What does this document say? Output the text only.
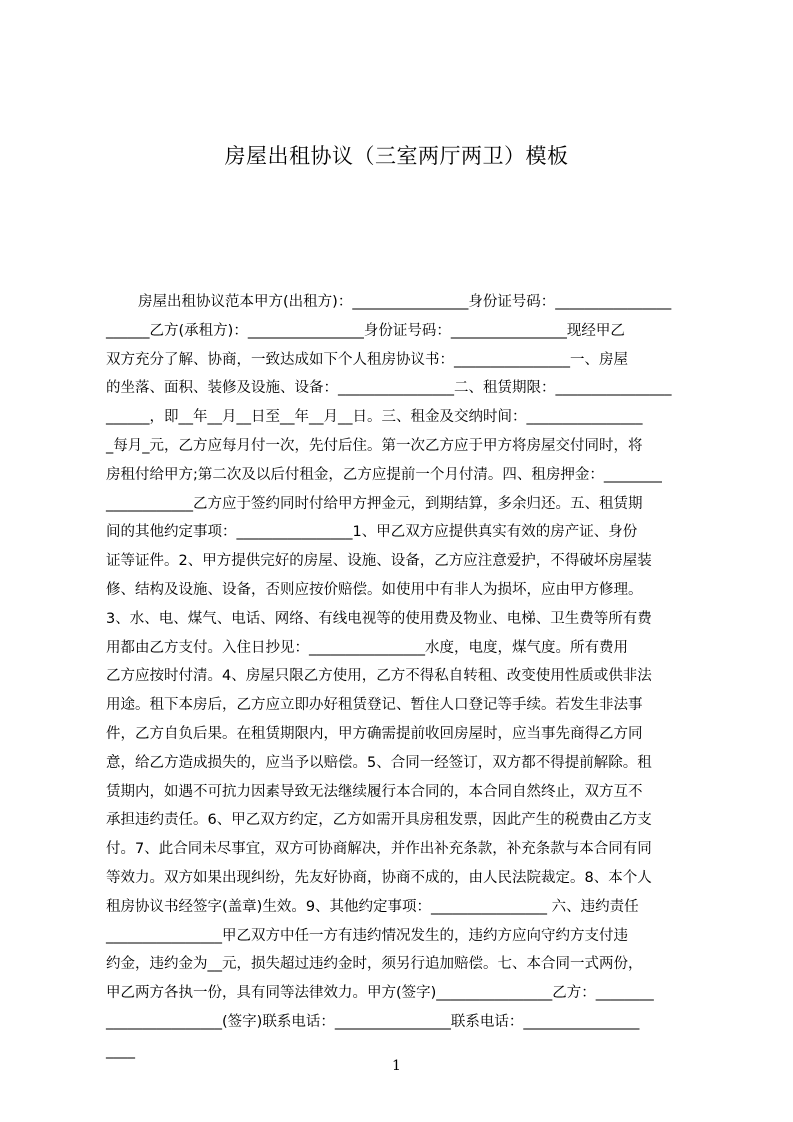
房屋出租协议（三室两厅两卫）模板
房屋出租协议范本甲方(出租方)：________________身份证号码：________________
______乙方(承租方)：________________身份证号码：________________现经甲乙
双方充分了解、协商，一致达成如下个人租房协议书：________________一、房屋
的坐落、面积、装修及设施、设备：________________二、租赁期限：________________
______，即__年__月__日至__年__月__日。三、租金及交纳时间：________________
_每月_元，乙方应每月付一次，先付后住。第一次乙方应于甲方将房屋交付同时，将
房租付给甲方;第二次及以后付租金，乙方应提前一个月付清。四、租房押金：________
____________乙方应于签约同时付给甲方押金元，到期结算，多余归还。五、租赁期
间的其他约定事项：________________1、甲乙双方应提供真实有效的房产证、身份
证等证件。2、甲方提供完好的房屋、设施、设备，乙方应注意爱护，不得破坏房屋装
修、结构及设施、设备，否则应按价赔偿。如使用中有非人为损坏，应由甲方修理。
3、水、电、煤气、电话、网络、有线电视等的使用费及物业、电梯、卫生费等所有费
用都由乙方支付。入住日抄见：________________水度，电度，煤气度。所有费用
乙方应按时付清。4、房屋只限乙方使用，乙方不得私自转租、改变使用性质或供非法
用途。租下本房后，乙方应立即办好租赁登记、暂住人口登记等手续。若发生非法事
件，乙方自负后果。在租赁期限内，甲方确需提前收回房屋时，应当事先商得乙方同
意，给乙方造成损失的，应当予以赔偿。5、合同一经签订，双方都不得提前解除。租
赁期内，如遇不可抗力因素导致无法继续履行本合同的，本合同自然终止，双方互不
承担违约责任。6、甲乙双方约定，乙方如需开具房租发票，因此产生的税费由乙方支
付。7、此合同未尽事宜，双方可协商解决，并作出补充条款，补充条款与本合同有同
等效力。双方如果出现纠纷，先友好协商，协商不成的，由人民法院裁定。8、本个人
租房协议书经签字(盖章)生效。9、其他约定事项：________________ 六、违约责任
________________甲乙双方中任一方有违约情况发生的，违约方应向守约方支付违
约金，违约金为__元，损失超过违约金时，须另行追加赔偿。七、本合同一式两份，
甲乙两方各执一份，具有同等法律效力。甲方(签字)________________乙方：________
________________(签字)联系电话：________________联系电话：________________
____
1
